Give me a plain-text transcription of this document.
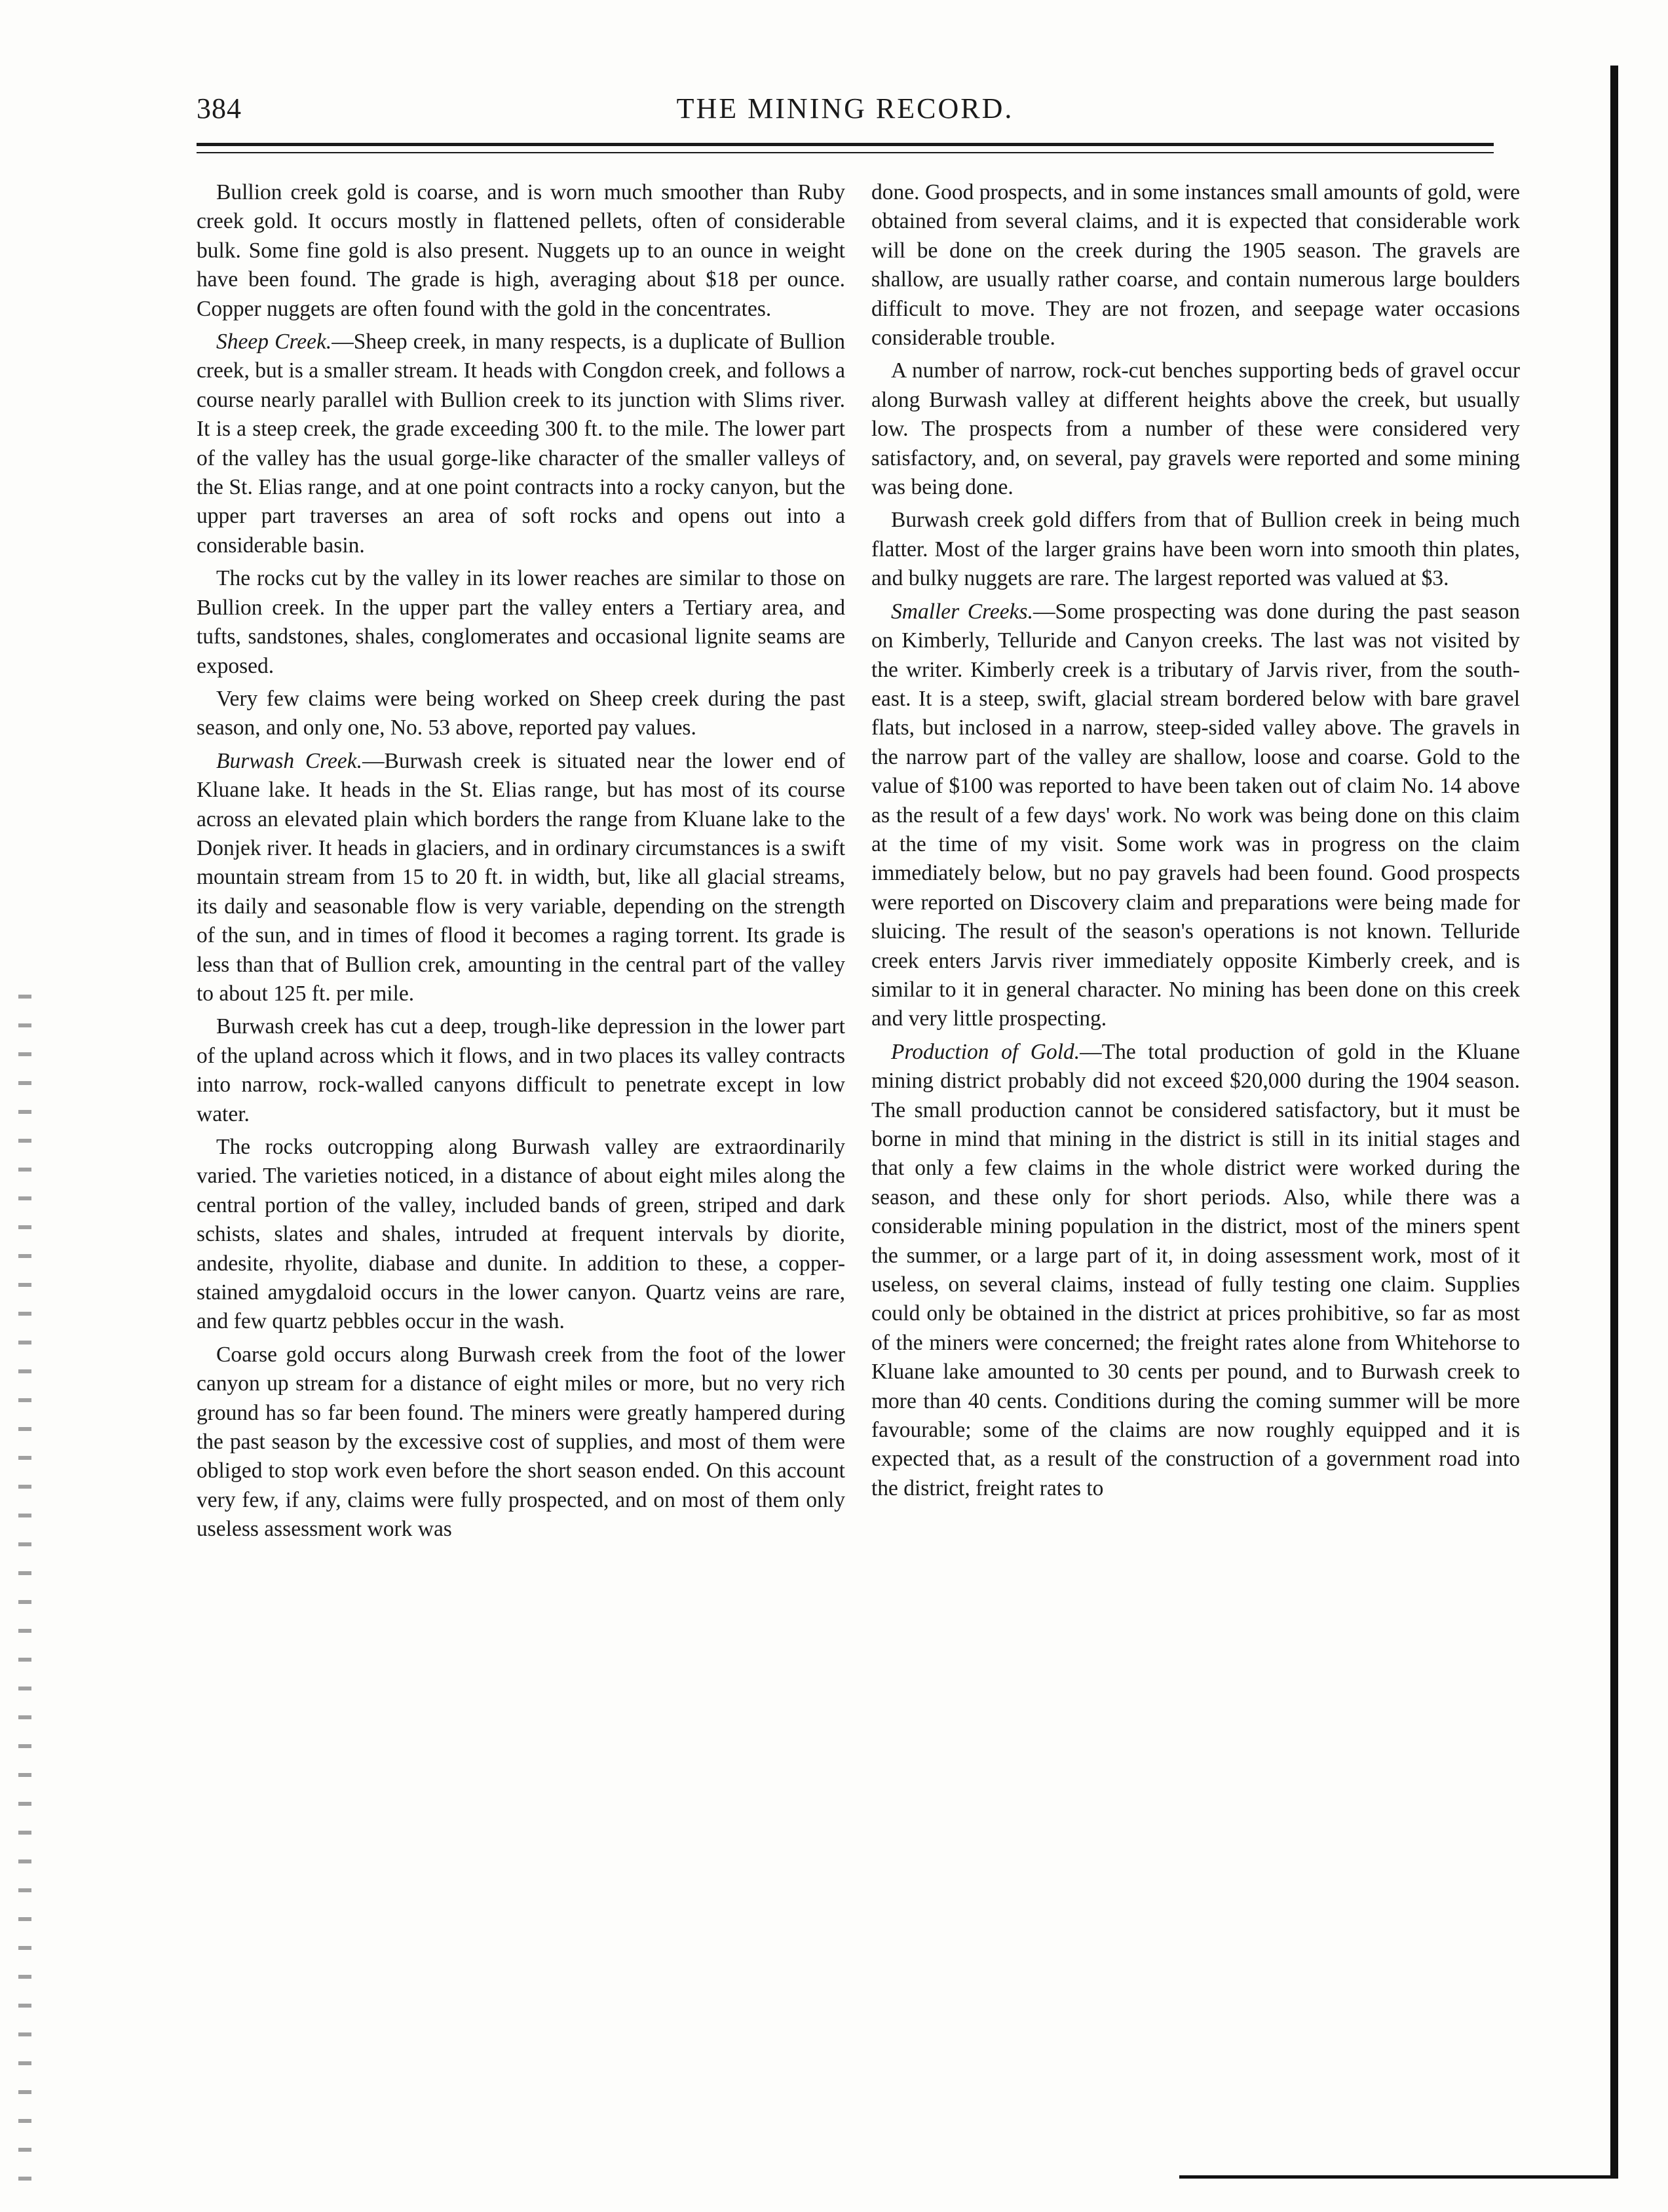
384	THE MINING RECORD.

Bullion creek gold is coarse, and is worn much smoother than Ruby creek gold. It occurs mostly in flattened pellets, often of considerable bulk. Some fine gold is also present. Nuggets up to an ounce in weight have been found. The grade is high, averaging about $18 per ounce. Copper nuggets are often found with the gold in the concentrates.

Sheep Creek.—Sheep creek, in many respects, is a duplicate of Bullion creek, but is a smaller stream. It heads with Congdon creek, and follows a course nearly parallel with Bullion creek to its junction with Slims river. It is a steep creek, the grade exceeding 300 ft. to the mile. The lower part of the valley has the usual gorge-like character of the smaller valleys of the St. Elias range, and at one point contracts into a rocky canyon, but the upper part traverses an area of soft rocks and opens out into a considerable basin.

The rocks cut by the valley in its lower reaches are similar to those on Bullion creek. In the upper part the valley enters a Tertiary area, and tufts, sandstones, shales, conglomerates and occasional lignite seams are exposed.

Very few claims were being worked on Sheep creek during the past season, and only one, No. 53 above, reported pay values.

Burwash Creek.—Burwash creek is situated near the lower end of Kluane lake. It heads in the St. Elias range, but has most of its course across an elevated plain which borders the range from Kluane lake to the Donjek river. It heads in glaciers, and in ordinary circumstances is a swift mountain stream from 15 to 20 ft. in width, but, like all glacial streams, its daily and seasonable flow is very variable, depending on the strength of the sun, and in times of flood it becomes a raging torrent. Its grade is less than that of Bullion crek, amounting in the central part of the valley to about 125 ft. per mile.

Burwash creek has cut a deep, trough-like depression in the lower part of the upland across which it flows, and in two places its valley contracts into narrow, rock-walled canyons difficult to penetrate except in low water.

The rocks outcropping along Burwash valley are extraordinarily varied. The varieties noticed, in a distance of about eight miles along the central portion of the valley, included bands of green, striped and dark schists, slates and shales, intruded at frequent intervals by diorite, andesite, rhyolite, diabase and dunite. In addition to these, a copper-stained amygdaloid occurs in the lower canyon. Quartz veins are rare, and few quartz pebbles occur in the wash.

Coarse gold occurs along Burwash creek from the foot of the lower canyon up stream for a distance of eight miles or more, but no very rich ground has so far been found. The miners were greatly hampered during the past season by the excessive cost of supplies, and most of them were obliged to stop work even before the short season ended. On this account very few, if any, claims were fully prospected, and on most of them only useless assessment work was

done. Good prospects, and in some instances small amounts of gold, were obtained from several claims, and it is expected that considerable work will be done on the creek during the 1905 season. The gravels are shallow, are usually rather coarse, and contain numerous large boulders difficult to move. They are not frozen, and seepage water occasions considerable trouble.

A number of narrow, rock-cut benches supporting beds of gravel occur along Burwash valley at different heights above the creek, but usually low. The prospects from a number of these were considered very satisfactory, and, on several, pay gravels were reported and some mining was being done.

Burwash creek gold differs from that of Bullion creek in being much flatter. Most of the larger grains have been worn into smooth thin plates, and bulky nuggets are rare. The largest reported was valued at $3.

Smaller Creeks.—Some prospecting was done during the past season on Kimberly, Telluride and Canyon creeks. The last was not visited by the writer. Kimberly creek is a tributary of Jarvis river, from the south-east. It is a steep, swift, glacial stream bordered below with bare gravel flats, but inclosed in a narrow, steep-sided valley above. The gravels in the narrow part of the valley are shallow, loose and coarse. Gold to the value of $100 was reported to have been taken out of claim No. 14 above as the result of a few days' work. No work was being done on this claim at the time of my visit. Some work was in progress on the claim immediately below, but no pay gravels had been found. Good prospects were reported on Discovery claim and preparations were being made for sluicing. The result of the season's operations is not known. Telluride creek enters Jarvis river immediately opposite Kimberly creek, and is similar to it in general character. No mining has been done on this creek and very little prospecting.

Production of Gold.—The total production of gold in the Kluane mining district probably did not exceed $20,000 during the 1904 season. The small production cannot be considered satisfactory, but it must be borne in mind that mining in the district is still in its initial stages and that only a few claims in the whole district were worked during the season, and these only for short periods. Also, while there was a considerable mining population in the district, most of the miners spent the summer, or a large part of it, in doing assessment work, most of it useless, on several claims, instead of fully testing one claim. Supplies could only be obtained in the district at prices prohibitive, so far as most of the miners were concerned; the freight rates alone from Whitehorse to Kluane lake amounted to 30 cents per pound, and to Burwash creek to more than 40 cents. Conditions during the coming summer will be more favourable; some of the claims are now roughly equipped and it is expected that, as a result of the construction of a government road into the district, freight rates to
